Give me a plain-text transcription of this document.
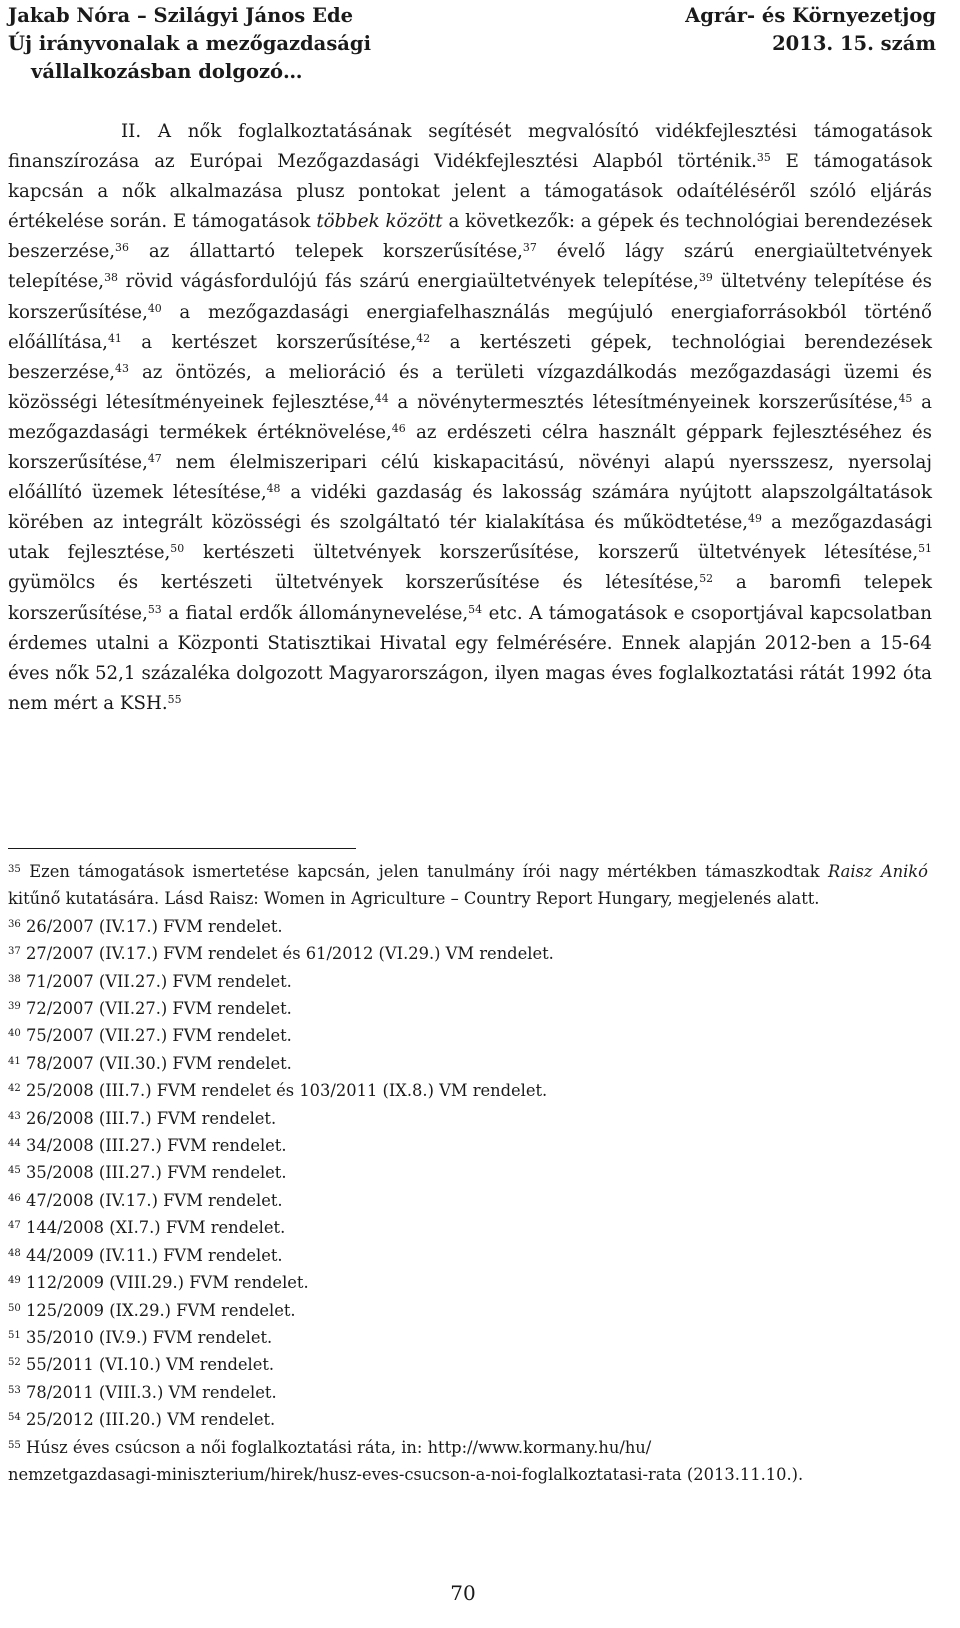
Jakab Nóra – Szilágyi János Ede
Új irányvonalak a mezőgazdasági
vállalkozásban dolgozó…
Agrár- és Környezetjog
2013. 15. szám

II. A nők foglalkoztatásának segítését megvalósító vidékfejlesztési támogatások finanszírozása az Európai Mezőgazdasági Vidékfejlesztési Alapból történik.$^{35}$ E támogatások kapcsán a nők alkalmazása plusz pontokat jelent a támogatások odaítéléséről szóló eljárás értékelése során. E támogatások többek között a következők: a gépek és technológiai berendezések beszerzése,$^{36}$ az állattartó telepek korszerűsítése,$^{37}$ évelő lágy szárú energiaültetvények telepítése,$^{38}$ rövid vágásfordulójú fás szárú energiaültetvények telepítése,$^{39}$ ültetvény telepítése és korszerűsítése,$^{40}$ a mezőgazdasági energiafelhasználás megújuló energiaforrásokból történő előállítása,$^{41}$ a kertészet korszerűsítése,$^{42}$ a kertészeti gépek, technológiai berendezések beszerzése,$^{43}$ az öntözés, a melioráció és a területi vízgazdálkodás mezőgazdasági üzemi és közösségi létesítményeinek fejlesztése,$^{44}$ a növénytermesztés létesítményeinek korszerűsítése,$^{45}$ a mezőgazdasági termékek értéknövelése,$^{46}$ az erdészeti célra használt géppark fejlesztéséhez és korszerűsítése,$^{47}$ nem élelmiszeripari célú kiskapacitású, növényi alapú nyersszesz, nyersolaj előállító üzemek létesítése,$^{48}$ a vidéki gazdaság és lakosság számára nyújtott alapszolgáltatások körében az integrált közösségi és szolgáltató tér kialakítása és működtetése,$^{49}$ a mezőgazdasági utak fejlesztése,$^{50}$ kertészeti ültetvények korszerűsítése, korszerű ültetvények létesítése,$^{51}$ gyümölcs és kertészeti ültetvények korszerűsítése és létesítése,$^{52}$ a baromfi telepek korszerűsítése,$^{53}$ a fiatal erdők állománynevelése,$^{54}$ etc. A támogatások e csoportjával kapcsolatban érdemes utalni a Központi Statisztikai Hivatal egy felmérésére. Ennek alapján 2012-ben a 15-64 éves nők 52,1 százaléka dolgozott Magyarországon, ilyen magas éves foglalkoztatási rátát 1992 óta nem mért a KSH.$^{55}$

$^{35}$ Ezen támogatások ismertetése kapcsán, jelen tanulmány írói nagy mértékben támaszkodtak Raisz Anikó kitűnő kutatására. Lásd Raisz: Women in Agriculture – Country Report Hungary, megjelenés alatt.

$^{36}$ 26/2007 (IV.17.) FVM rendelet.

$^{37}$ 27/2007 (IV.17.) FVM rendelet és 61/2012 (VI.29.) VM rendelet.

$^{38}$ 71/2007 (VII.27.) FVM rendelet.

$^{39}$ 72/2007 (VII.27.) FVM rendelet.

$^{40}$ 75/2007 (VII.27.) FVM rendelet.

$^{41}$ 78/2007 (VII.30.) FVM rendelet.

$^{42}$ 25/2008 (III.7.) FVM rendelet és 103/2011 (IX.8.) VM rendelet.

$^{43}$ 26/2008 (III.7.) FVM rendelet.

$^{44}$ 34/2008 (III.27.) FVM rendelet.

$^{45}$ 35/2008 (III.27.) FVM rendelet.

$^{46}$ 47/2008 (IV.17.) FVM rendelet.

$^{47}$ 144/2008 (XI.7.) FVM rendelet.

$^{48}$ 44/2009 (IV.11.) FVM rendelet.

$^{49}$ 112/2009 (VIII.29.) FVM rendelet.

$^{50}$ 125/2009 (IX.29.) FVM rendelet.

$^{51}$ 35/2010 (IV.9.) FVM rendelet.

$^{52}$ 55/2011 (VI.10.) VM rendelet.

$^{53}$ 78/2011 (VIII.3.) VM rendelet.

$^{54}$ 25/2012 (III.20.) VM rendelet.

$^{55}$ Húsz éves csúcson a női foglalkoztatási ráta, in: http://www.kormany.hu/hu/
nemzetgazdasagi-miniszterium/hirek/husz-eves-csucson-a-noi-foglalkoztatasi-rata (2013.11.10.).

70
